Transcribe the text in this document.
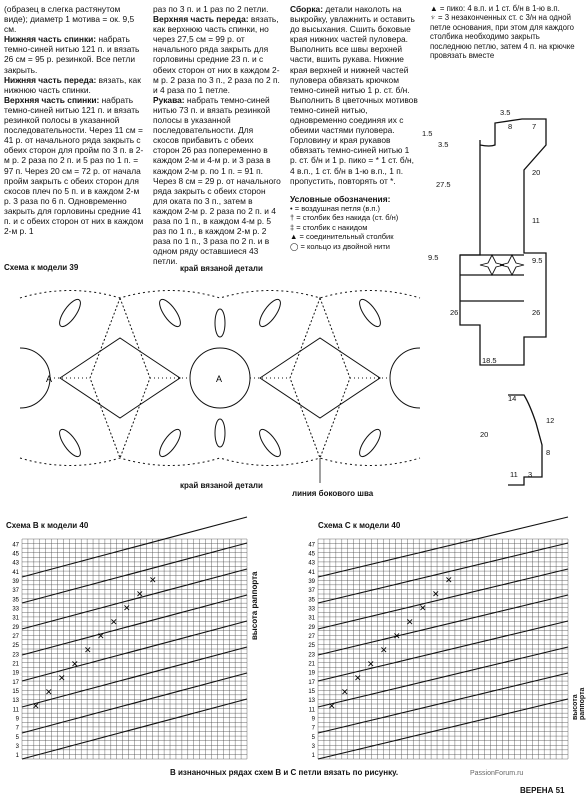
(образец в слегка растянутом

виде); диаметр 1 мотива = ок. 9,5

см.

Нижняя часть спинки: набрать темно-синей нитью 121 п. и вязать 26 см = 95 р. резинкой. Все петли закрыть.

Нижняя часть переда: вязать, как нижнюю часть спинки.

Верхняя часть спинки: набрать темно-синей нитью 121 п. и вязать резинкой полосы в указанной последовательности. Через 11 см = 41 р. от начального ряда закрыть с обеих сторон для пройм по 3 п. в 2-м р. 2 раза по 2 п. и 5 раз по 1 п. = 97 п. Через 20 см = 72 р. от начала пройм закрыть с обеих сторон для скосов плеч по 5 п. и в каждом 2-м р. 3 раза по 6 п. Одновременно закрыть для горловины средние 41 п. и с обеих сторон от них в каждом 2-м р. 1

раз по 3 п. и 1 раз по 2 петли.

Верхняя часть переда: вязать, как верхнюю часть спинки, но через 27,5 см = 99 р. от начального ряда закрыть для горловины средние 23 п. и с обеих сторон от них в каждом 2-м р. 2 раза по 3 п., 2 раза по 2 п. и 4 раза по 1 петле.

Рукава: набрать темно-синей нитью 73 п. и вязать резинкой полосы в указанной последовательности. Для скосов прибавить с обеих сторон 26 раз попеременно в каждом 2-м и 4-м р. и 3 раза в каждом 2-м р. по 1 п. = 91 п. Через 8 см = 29 р. от начального ряда закрыть с обеих сторон для оката по 3 п., затем в каждом 2-м р. 2 раза по 2 п. и 4 раза по 1 п., в каждом 4-м р. 5 раз по 1 п., в каждом 2-м р. 2 раза по 1 п., 3 раза по 2 п. и в одном ряду оставшиеся 43 петли.

Сборка: детали наколоть на выкройку, увлажнить и оставить до высыхания. Сшить боковые края нижних частей пуловера. Выполнить все швы верхней части, вшить рукава. Нижние края верхней и нижней частей пуловера обвязать крючком темно-синей нитью 1 р. ст. б/н. Выполнить 8 цветочных мотивов темно-синей нитью, одновременно соединяя их с обеими частями пуловера. Горловину и края рукавов обвязать темно-синей нитью 1 р. ст. б/н и 1 р. пико = * 1 ст. б/н, 4 в.п., 1 ст. б/н в 1-ю в.п., 1 п. пропустить, повторять от *.

Условные обозначения:

• = воздушная петля (в.п.)
† = столбик без накида (ст. б/н)
‡ = столбик с накидом
▲ = соединительный столбик
◯ = кольцо из двойной нити

▲ = пико: 4 в.п. и 1 ст. б/н в 1-ю в.п.

♆ = 3 незаконченных ст. с 3/н на одной петле основания, при этом для каждого столбика необходимо закрыть последнюю петлю, затем 4 п. на крючке провязать вместе

3.5
1.5
3.5
8	7
20
27.5
11
9.5	9.5
26	26
18.5
14
12
20
8
3
11
Схема к модели 39	край вязаной детали
А	А
край вязаной детали
линия бокового шва
Схема В к модели 40	Схема С к модели 40
✕
✕
✕
✕
✕
✕
✕
✕
✕
✕
47
45
43
41
39
37
35
33
31
29
27
25
23
21
19
17
15
13
11
9
7
5
3
1
✕
✕
✕
✕
✕
✕
✕
✕
✕
✕
47
45
43
41
39
37
35
33
31
29
27
25
23
21
19
17
15
13
11
9
7
5
3
1
высота раппорта
высота раппорта
В изнаночных рядах схем В и С петли вязать по рисунку.
ВЕРЕНА 51
PassionForum.ru
